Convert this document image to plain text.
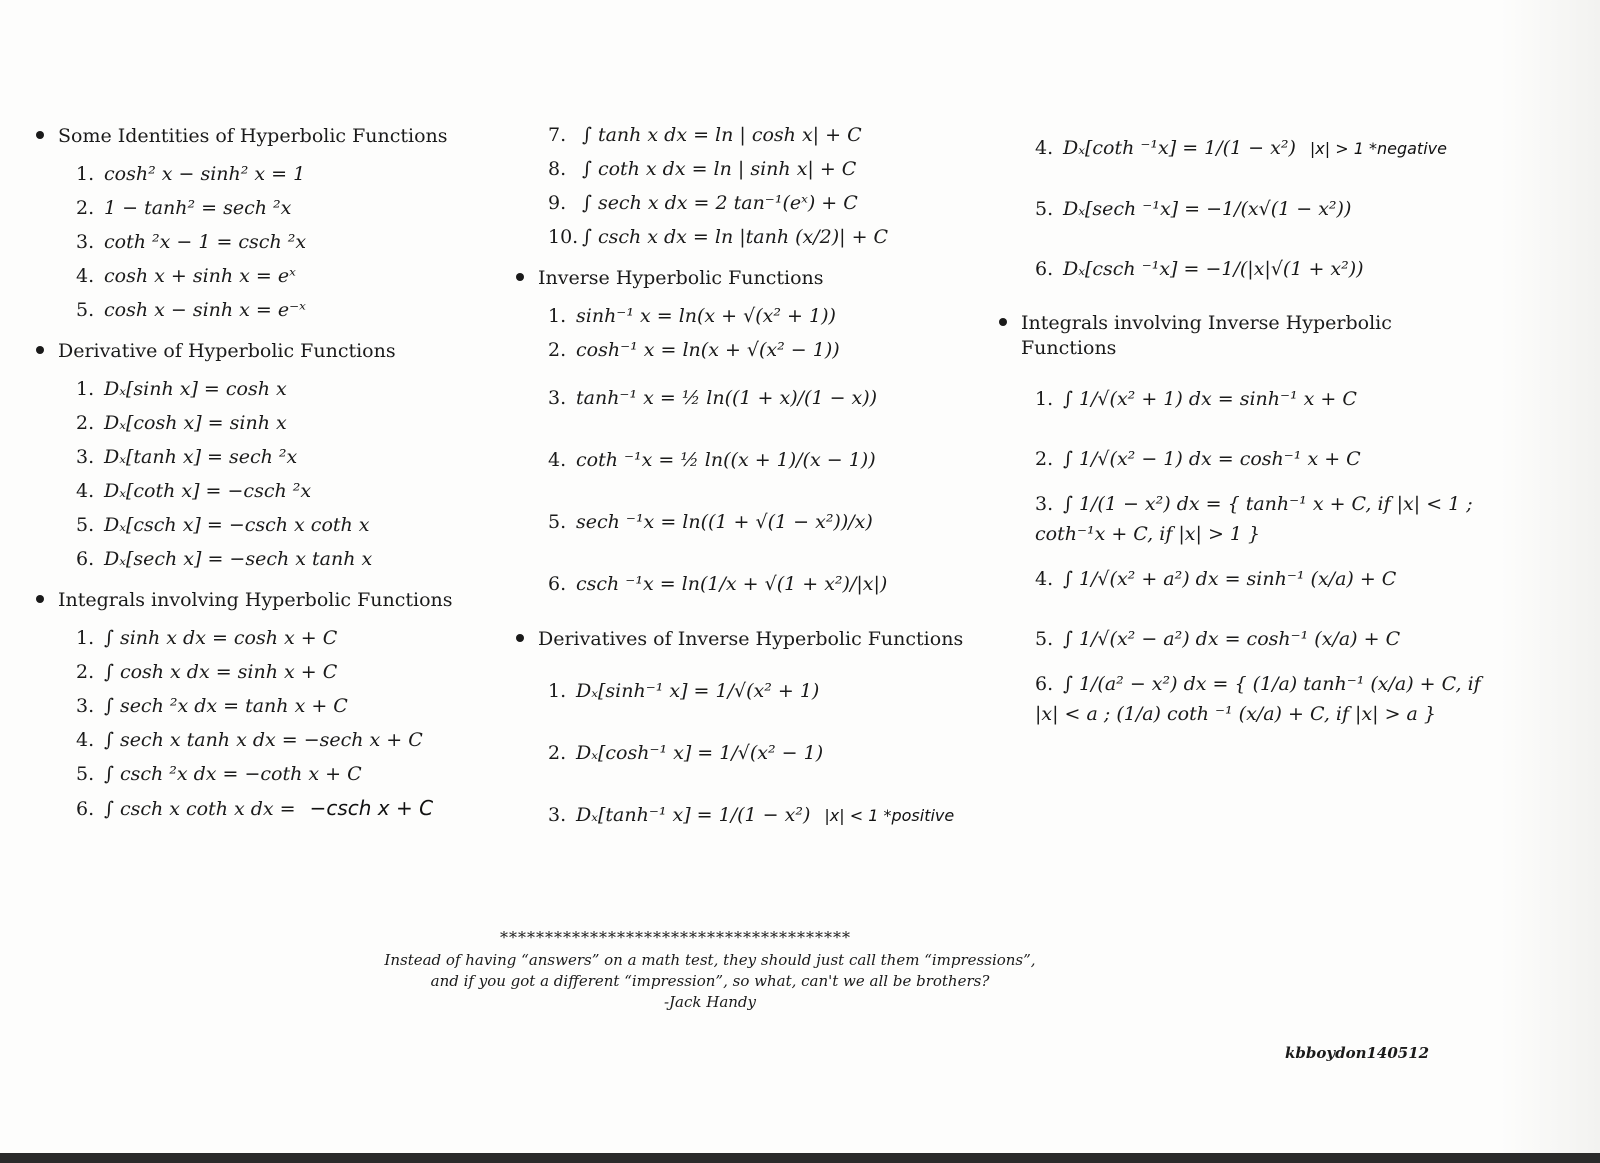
Some Identities of Hyperbolic Functions
1. cosh² x − sinh² x = 1
2. 1 − tanh² = sech ²x
3. coth ²x − 1 = csch ²x
4. cosh x + sinh x = eˣ
5. cosh x − sinh x = e⁻ˣ
Derivative of Hyperbolic Functions
1. Dₓ[sinh x] = cosh x
2. Dₓ[cosh x] = sinh x
3. Dₓ[tanh x] = sech ²x
4. Dₓ[coth x] = −csch ²x
5. Dₓ[csch x] = −csch x coth x
6. Dₓ[sech x] = −sech x tanh x
Integrals involving Hyperbolic Functions
1. ∫ sinh x dx = cosh x + C
2. ∫ cosh x dx = sinh x + C
3. ∫ sech ²x dx = tanh x + C
4. ∫ sech x tanh x dx = −sech x + C
5. ∫ csch ²x dx = −coth x + C
6. ∫ csch x coth x dx = −csch x + C
7. ∫ tanh x dx = ln | cosh x| + C
8. ∫ coth x dx = ln | sinh x| + C
9. ∫ sech x dx = 2 tan⁻¹(eˣ) + C
10. ∫ csch x dx = ln |tanh (x/2)| + C
Inverse Hyperbolic Functions
1. sinh⁻¹ x = ln(x + √(x² + 1))
2. cosh⁻¹ x = ln(x + √(x² − 1))
3. tanh⁻¹ x = ½ ln((1 + x)/(1 − x))
4. coth ⁻¹x = ½ ln((x + 1)/(x − 1))
5. sech ⁻¹x = ln((1 + √(1 − x²))/x)
6. csch ⁻¹x = ln(1/x + √(1 + x²)/|x|)
Derivatives of Inverse Hyperbolic Functions
1. Dₓ[sinh⁻¹ x] = 1/√(x² + 1)
2. Dₓ[cosh⁻¹ x] = 1/√(x² − 1)
3. Dₓ[tanh⁻¹ x] = 1/(1 − x²) |x| < 1 *positive
4. Dₓ[coth ⁻¹x] = 1/(1 − x²) |x| > 1 *negative
5. Dₓ[sech ⁻¹x] = −1/(x√(1 − x²))
6. Dₓ[csch ⁻¹x] = −1/(|x|√(1 + x²))
Integrals involving Inverse Hyperbolic Functions
1. ∫ 1/√(x² + 1) dx = sinh⁻¹ x + C
2. ∫ 1/√(x² − 1) dx = cosh⁻¹ x + C
3. ∫ 1/(1 − x²) dx = { tanh⁻¹ x + C, if |x| < 1 ; coth⁻¹x + C, if |x| > 1 }
4. ∫ 1/√(x² + a²) dx = sinh⁻¹ (x/a) + C
5. ∫ 1/√(x² − a²) dx = cosh⁻¹ (x/a) + C
6. ∫ 1/(a² − x²) dx = { (1/a) tanh⁻¹ (x/a) + C, if |x| < a ; (1/a) coth ⁻¹ (x/a) + C, if |x| > a }
***************************************
Instead of having “answers” on a math test, they should just call them “impressions”,
and if you got a different “impression”, so what, can't we all be brothers?
-Jack Handy
kbboydon140512
